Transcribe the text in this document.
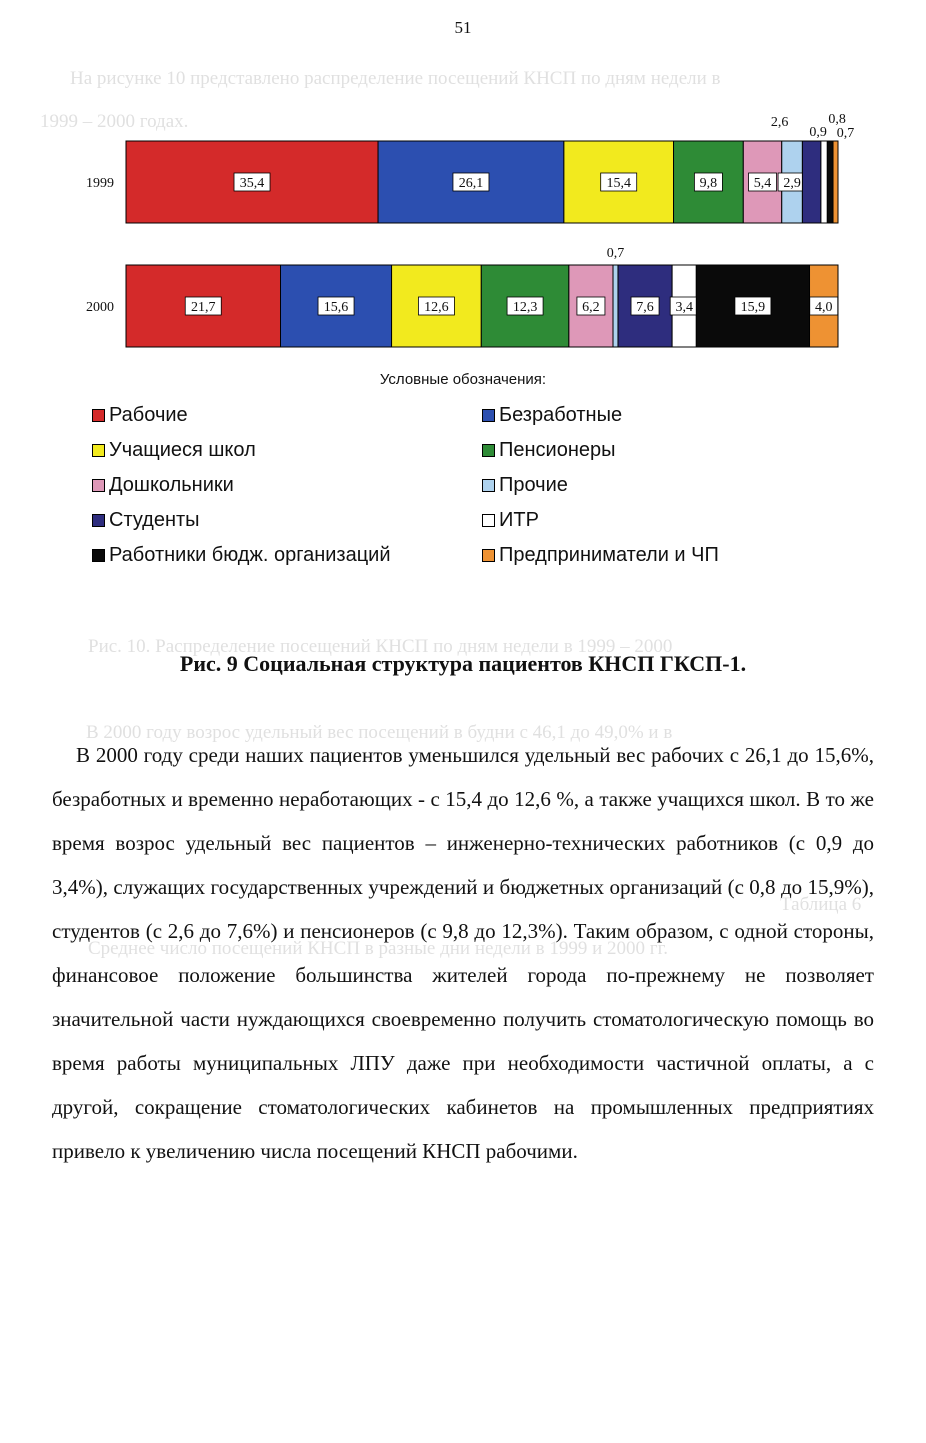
51
На рисунке 10 представлено распределение посещений КНСП по дням недели в
1999 – 2000 годах.
Рис. 10. Распределение посещений КНСП по дням недели в 1999 – 2000
В 2000 году возрос удельный вес посещений в будни с 46,1 до 49,0% и в
Таблица 6
Среднее число посещений КНСП в разные дни недели в 1999 и 2000 гг.
1999	35,4	26,1	15,4	9,8	5,4 2,9
2,6
0,9
0,8
0,7
2000	21,7	15,6	12,6	12,3	6,2
0,7
7,6 3,4	15,9	4,0
Условные обозначения:
Рабочие	Безработные
Учащиеся школ	Пенсионеры
Дошкольники	Прочие
Студенты	ИТР
Работники бюдж. организаций	Предприниматели и ЧП
Рис. 9 Социальная структура пациентов КНСП ГКСП-1.

В 2000 году среди наших пациентов уменьшился удельный вес рабочих с 26,1 до 15,6%, безработных и временно неработающих - с 15,4 до 12,6 %, а также учащихся школ. В то же время возрос удельный вес пациентов – инженерно-технических работников (с 0,9 до 3,4%), служащих государственных учреждений и бюджетных организаций (с 0,8 до 15,9%), студентов (с 2,6 до 7,6%) и пенсионеров (с 9,8 до 12,3%). Таким образом, с одной стороны, финансовое положение большинства жителей города по-прежнему не позволяет значительной части нуждающихся своевременно получить стоматологическую помощь во время работы муниципальных ЛПУ даже при необходимости частичной оплаты, а с другой, сокращение стоматологических кабинетов на промышленных предприятиях привело к увеличению числа посещений КНСП рабочими.
